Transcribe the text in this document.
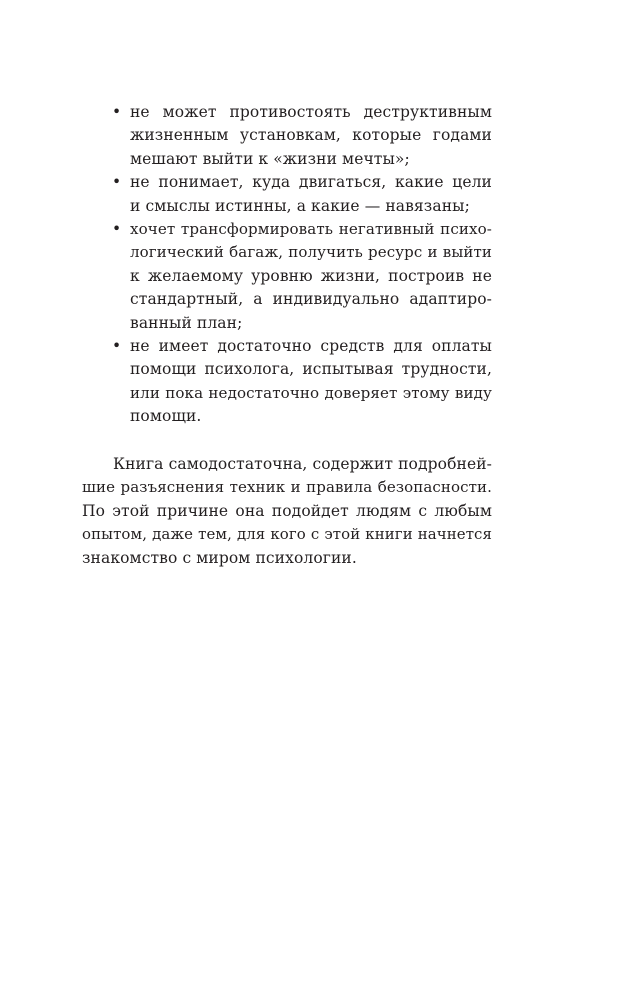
• не может противостоять деструктивным
жизненным установкам, которые годами
мешают выйти к «жизни мечты»;
• не понимает, куда двигаться, какие цели
и смыслы истинны, а какие — навязаны;
• хочет трансформировать негативный психо-
логический багаж, получить ресурс и выйти
к желаемому уровню жизни, построив не
стандартный, а индивидуально адаптиро-
ванный план;
• не имеет достаточно средств для оплаты
помощи психолога, испытывая трудности,
или пока недостаточно доверяет этому виду
помощи.
Книга самодостаточна, содержит подробней-
шие разъяснения техник и правила безопасности.
По этой причине она подойдет людям с любым
опытом, даже тем, для кого с этой книги начнется
знакомство с миром психологии.
